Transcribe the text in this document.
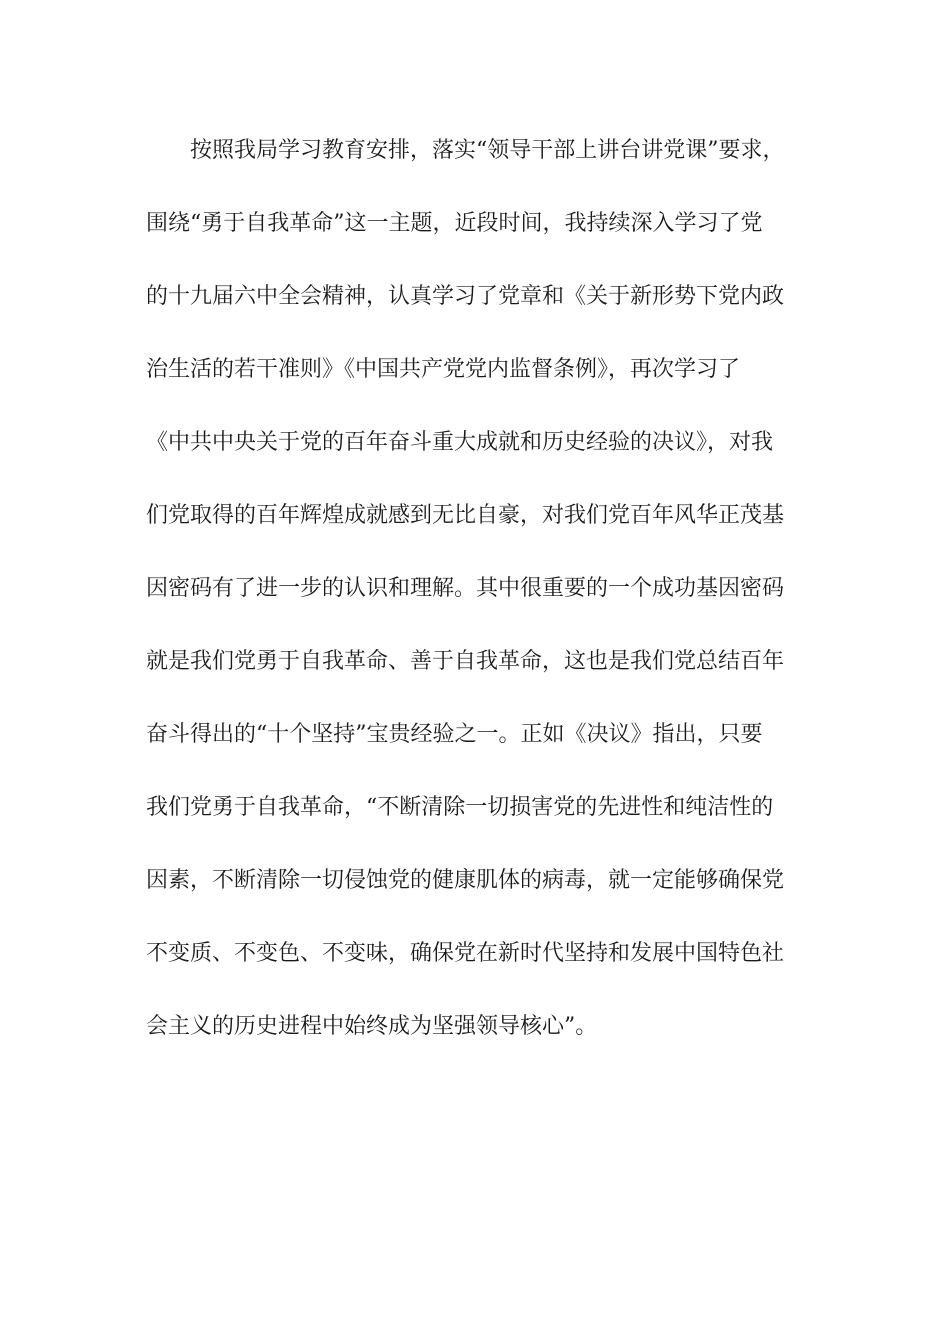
按照我局学习教育安排，落实“领导干部上讲台讲党课”要求，
围绕“勇于自我革命”这一主题，近段时间，我持续深入学习了党
的十九届六中全会精神，认真学习了党章和《关于新形势下党内政
治生活的若干准则》《中国共产党党内监督条例》，再次学习了
《中共中央关于党的百年奋斗重大成就和历史经验的决议》，对我
们党取得的百年辉煌成就感到无比自豪，对我们党百年风华正茂基
因密码有了进一步的认识和理解。其中很重要的一个成功基因密码
就是我们党勇于自我革命、善于自我革命，这也是我们党总结百年
奋斗得出的“十个坚持”宝贵经验之一。正如《决议》指出，只要
我们党勇于自我革命，“不断清除一切损害党的先进性和纯洁性的
因素，不断清除一切侵蚀党的健康肌体的病毒，就一定能够确保党
不变质、不变色、不变味，确保党在新时代坚持和发展中国特色社
会主义的历史进程中始终成为坚强领导核心”。
